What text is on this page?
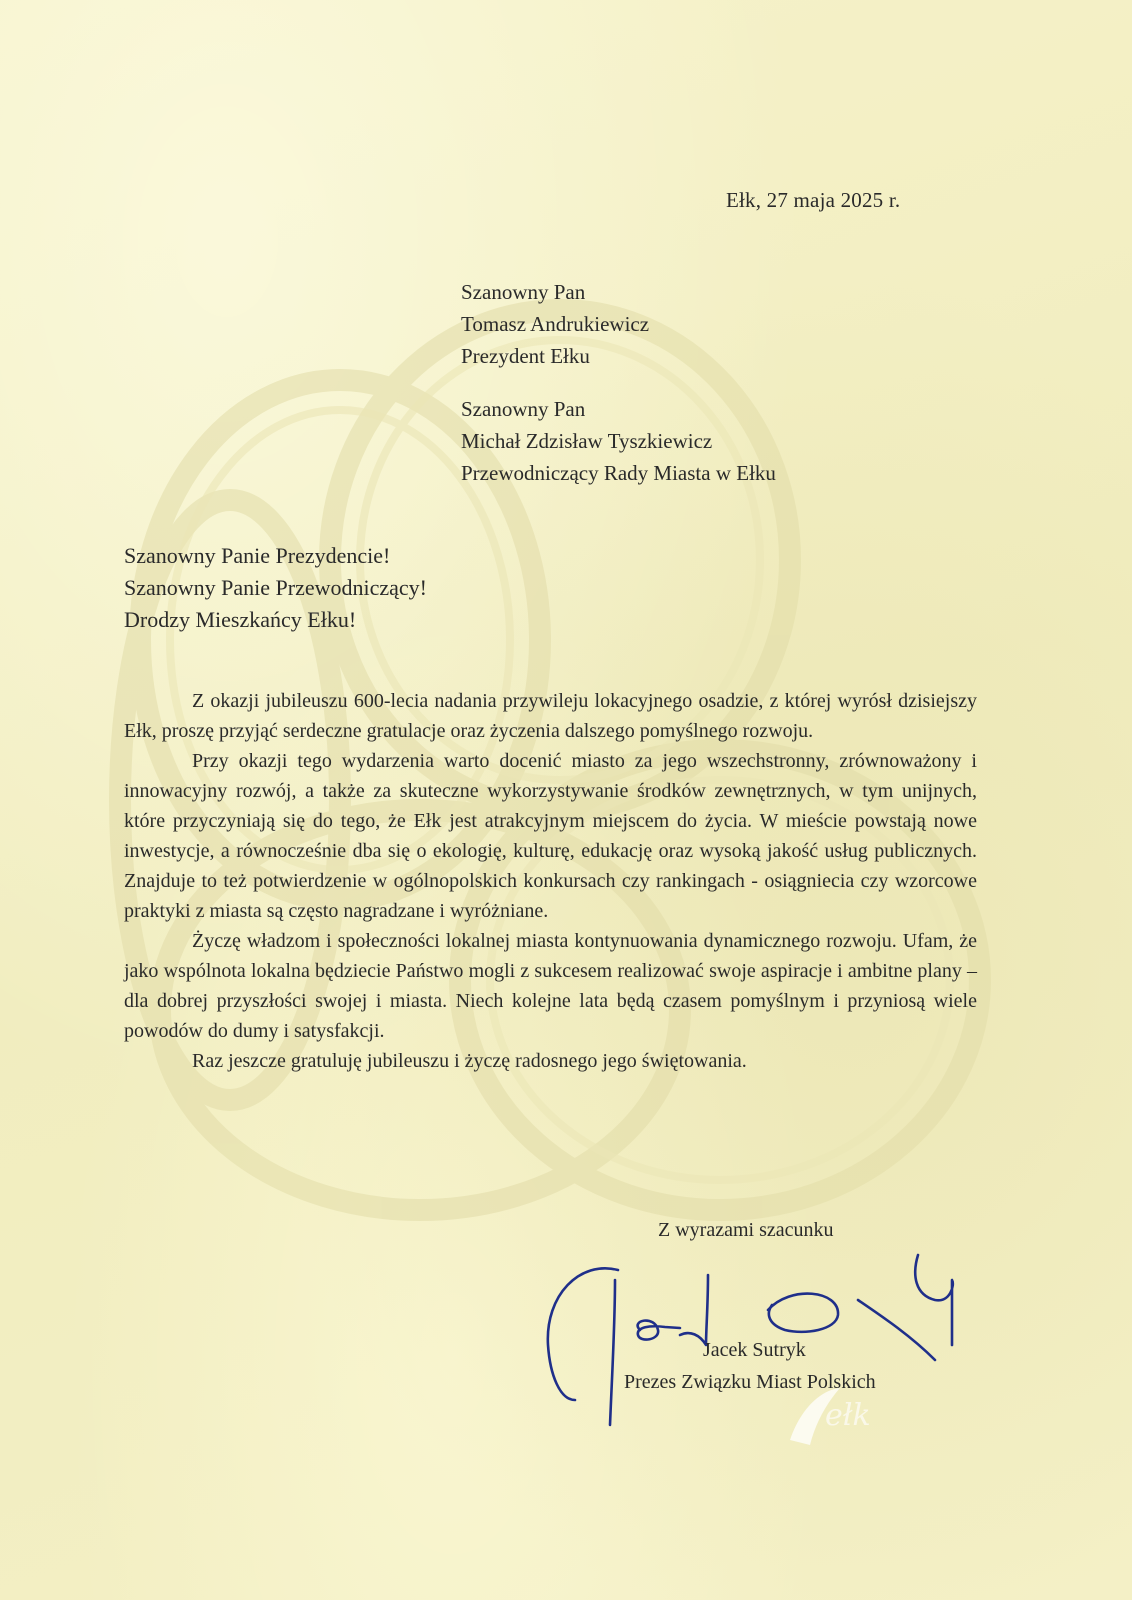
Ełk, 27 maja 2025 r.
Szanowny Pan
Tomasz Andrukiewicz
Prezydent Ełku
Szanowny Pan
Michał Zdzisław Tyszkiewicz
Przewodniczący Rady Miasta w Ełku
Szanowny Panie Prezydencie!
Szanowny Panie Przewodniczący!
Drodzy Mieszkańcy Ełku!

Z okazji jubileuszu 600-lecia nadania przywileju lokacyjnego osadzie, z której wyrósł dzisiejszy Ełk, proszę przyjąć serdeczne gratulacje oraz życzenia dalszego pomyślnego rozwoju.

Przy okazji tego wydarzenia warto docenić miasto za jego wszechstronny, zrównoważony i innowacyjny rozwój, a także za skuteczne wykorzystywanie środków zewnętrznych, w tym unijnych, które przyczyniają się do tego, że Ełk jest atrakcyjnym miejscem do życia. W mieście powstają nowe inwestycje, a równocześnie dba się o ekologię, kulturę, edukację oraz wysoką jakość usług publicznych. Znajduje to też potwierdzenie w ogólnopolskich konkursach czy rankingach - osiągniecia czy wzorcowe praktyki z miasta są często nagradzane i wyróżniane.

Życzę władzom i społeczności lokalnej miasta kontynuowania dynamicznego rozwoju. Ufam, że jako wspólnota lokalna będziecie Państwo mogli z sukcesem realizować swoje aspiracje i ambitne plany – dla dobrej przyszłości swojej i miasta. Niech kolejne lata będą czasem pomyślnym i przyniosą wiele powodów do dumy i satysfakcji.

Raz jeszcze gratuluję jubileuszu i życzę radosnego jego świętowania.

Z wyrazami szacunku
Jacek Sutryk
Prezes Związku Miast Polskich
ełk
